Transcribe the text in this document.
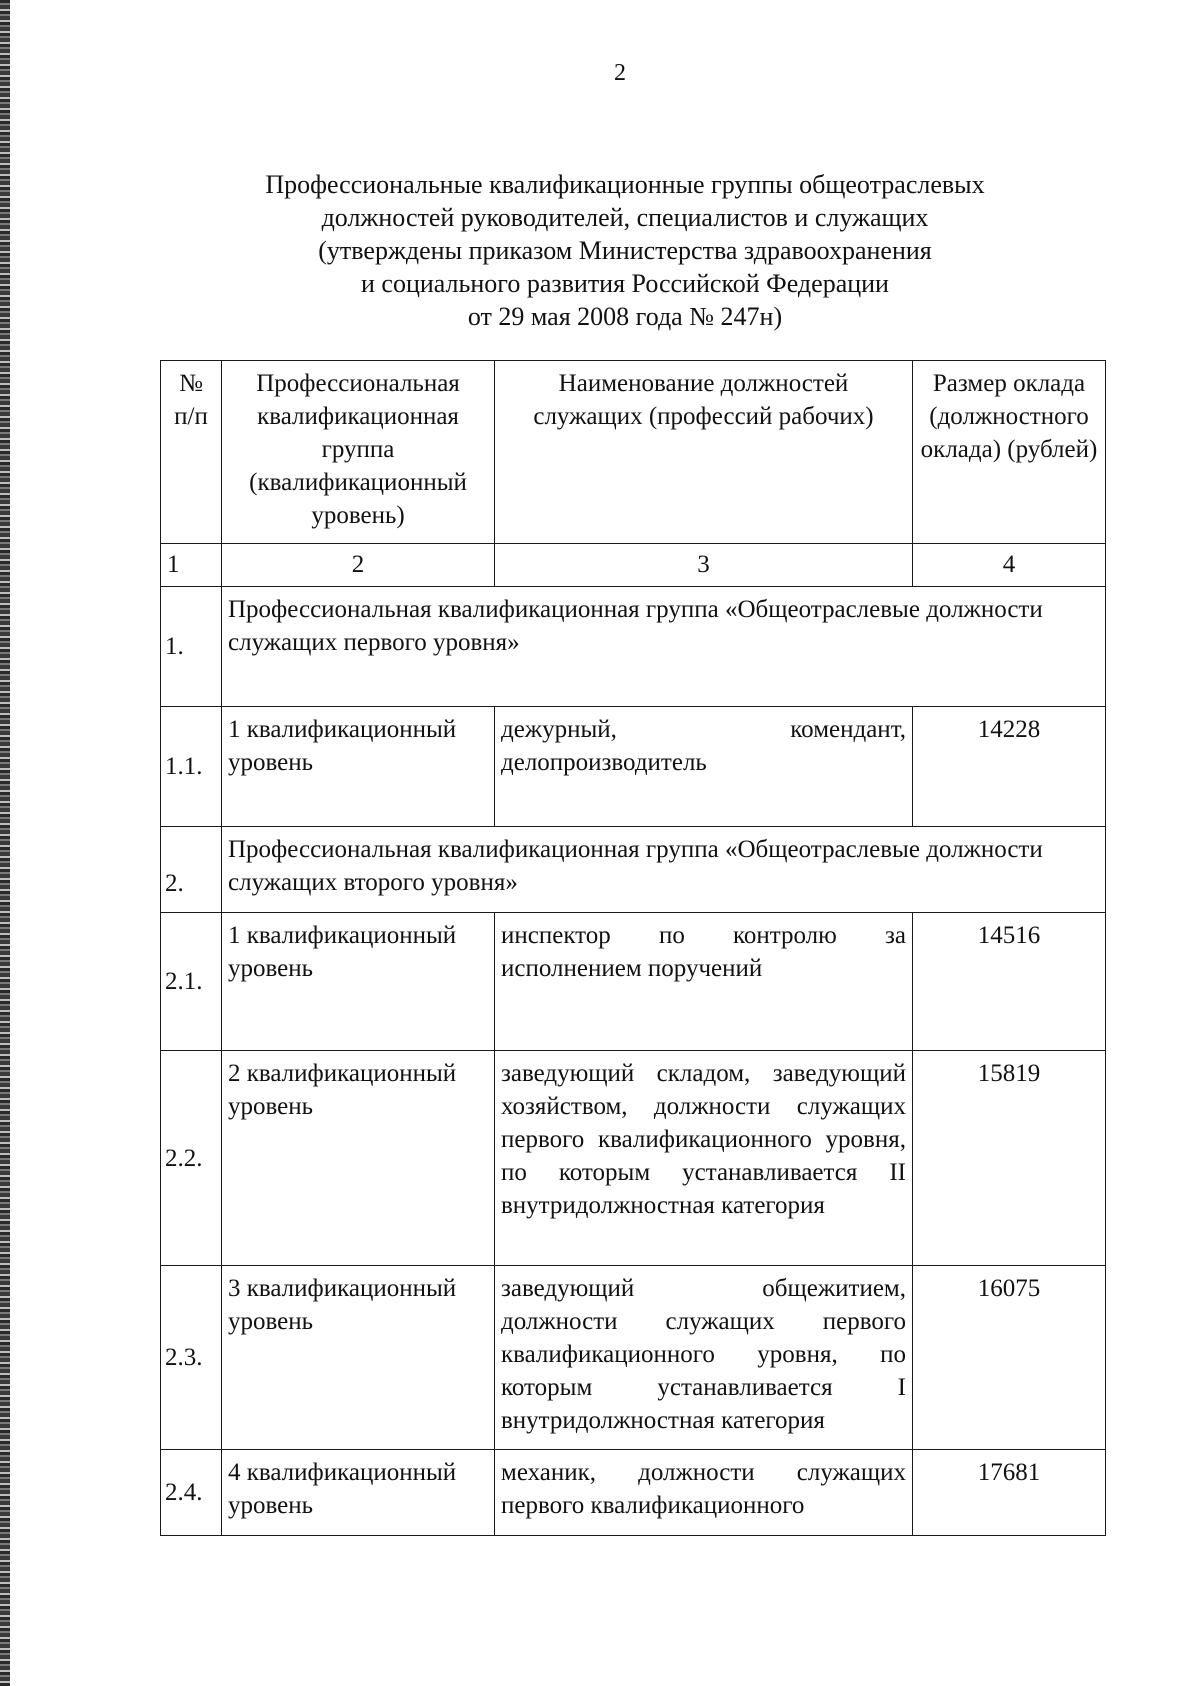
2
Профессиональные квалификационные группы общеотраслевых
должностей руководителей, специалистов и служащих
(утверждены приказом Министерства здравоохранения
и социального развития Российской Федерации
от 29 мая 2008 года № 247н)
№ п/п	Профессиональная квалификационная группа (квалификационный уровень)	Наименование должностей служащих (профессий рабочих)	Размер оклада (должностного оклада) (рублей)
1	2	3	4
1.	Профессиональная квалификационная группа «Общеотраслевые должности служащих первого уровня»		
1.1.	1 квалификационный уровень	дежурный, комендант, делопроизводитель	14228
2.	Профессиональная квалификационная группа «Общеотраслевые должности служащих второго уровня»		
2.1.	1 квалификационный уровень	инспектор по контролю за исполнением поручений	14516
2.2.	2 квалификационный уровень	заведующий складом, заведующий хозяйством, должности служащих первого квалификационного уровня, по которым устанавливается II внутридолжностная категория	15819
2.3.	3 квалификационный уровень	заведующий общежитием, должности служащих первого квалификационного уровня, по которым устанавливается I внутридолжностная категория	16075
2.4.	4 квалификационный уровень	механик, должности служащих первого квалификационного	17681
